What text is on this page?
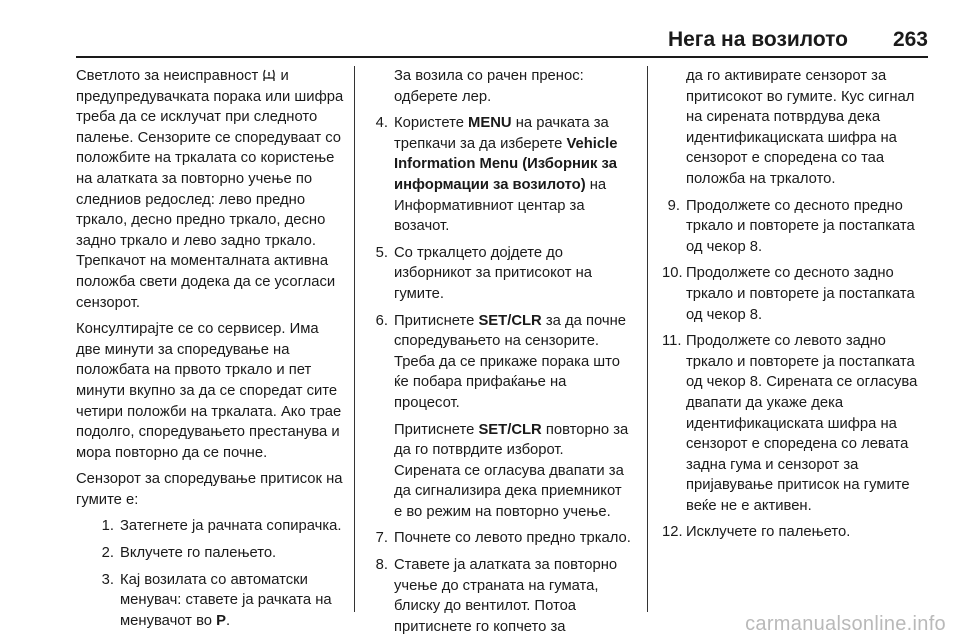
Нега на возилото 263

Светлото за неисправност  и предупредувачката порака или шифра треба да се исклучат при следното палење. Сензорите се споредуваат со положбите на тркалата со користење на алатката за повторно учење по следниов редослед: лево предно тркало, десно предно тркало, десно задно тркало и лево задно тркало. Трепкачот на моменталната активна положба свети додека да се усогласи сензорот.

Консултирајте се со сервисер. Има две минути за споредување на положбата на првото тркало и пет минути вкупно за да се споредат сите четири положби на тркалата. Ако трае подолго, споредувањето престанува и мора повторно да се почне.

Сензорот за споредување притисок на гумите е:

1. Затегнете ја рачната сопирачка.
2. Вклучете го палењето.
3. Кај возилата со автоматски менувач: ставете ја рачката на менувачот во P.
За возила со рачен пренос: одберете лер.
4. Користете MENU на рачката за трепкачи за да изберете Vehicle Information Menu (Изборник за информации за возилото) на Информативниот центар за возачот.
5. Со тркалцето дојдете до изборникот за притисокот на гумите.
6. Притиснете SET/CLR за да почне споредувањето на сензорите. Треба да се прикаже порака што ќе побара прифаќање на процесот.

Притиснете SET/CLR повторно за да го потврдите изборот. Сирената се огласува двапати за да сигнализира дека приемникот е во режим на повторно учење.

7. Почнете со левото предно тркало.
8. Ставете ја алатката за повторно учење до страната на гумата, блиску до вентилот. Потоа притиснете го копчето за
да го активирате сензорот за притисокот во гумите. Кус сигнал на сирената потврдува дека идентификациската шифра на сензорот е споредена со таа положба на тркалото.
9. Продолжете со десното предно тркало и повторете ја постапката од чекор 8.
10. Продолжете со десното задно тркало и повторете ја постапката од чекор 8.
11. Продолжете со левото задно тркало и повторете ја постапката од чекор 8. Сирената се огласува двапати да укаже дека идентификациската шифра на сензорот е споредена со левата задна гума и сензорот за пријавување притисок на гумите веќе не е активен.
12. Исклучете го палењето.
carmanualsonline.info
